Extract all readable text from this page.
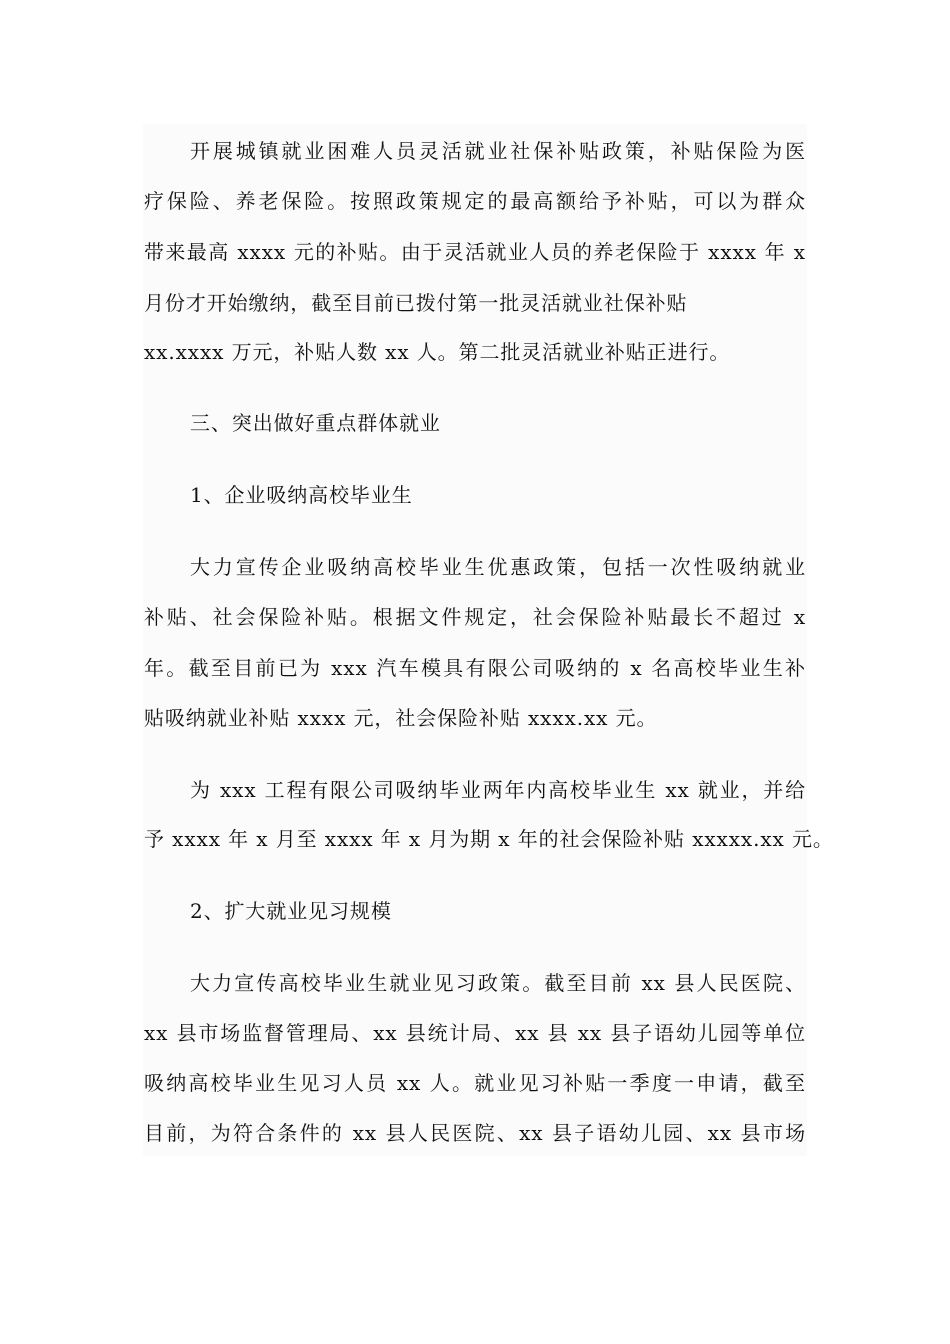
开展城镇就业困难人员灵活就业社保补贴政策，补贴保险为医
疗保险、养老保险。按照政策规定的最高额给予补贴，可以为群众
带来最高 xxxx 元的补贴。由于灵活就业人员的养老保险于 xxxx 年 x
月份才开始缴纳，截至目前已拨付第一批灵活就业社保补贴
xx.xxxx 万元，补贴人数 xx 人。第二批灵活就业补贴正进行。
三、突出做好重点群体就业
1、企业吸纳高校毕业生
大力宣传企业吸纳高校毕业生优惠政策，包括一次性吸纳就业
补贴、社会保险补贴。根据文件规定，社会保险补贴最长不超过 x
年。截至目前已为 xxx 汽车模具有限公司吸纳的 x 名高校毕业生补
贴吸纳就业补贴 xxxx 元，社会保险补贴 xxxx.xx 元。
为 xxx 工程有限公司吸纳毕业两年内高校毕业生 xx 就业，并给
予 xxxx 年 x 月至 xxxx 年 x 月为期 x 年的社会保险补贴 xxxxx.xx 元。
2、扩大就业见习规模
大力宣传高校毕业生就业见习政策。截至目前 xx 县人民医院、
xx 县市场监督管理局、xx 县统计局、xx 县 xx 县子语幼儿园等单位
吸纳高校毕业生见习人员 xx 人。就业见习补贴一季度一申请，截至
目前，为符合条件的 xx 县人民医院、xx 县子语幼儿园、xx 县市场
